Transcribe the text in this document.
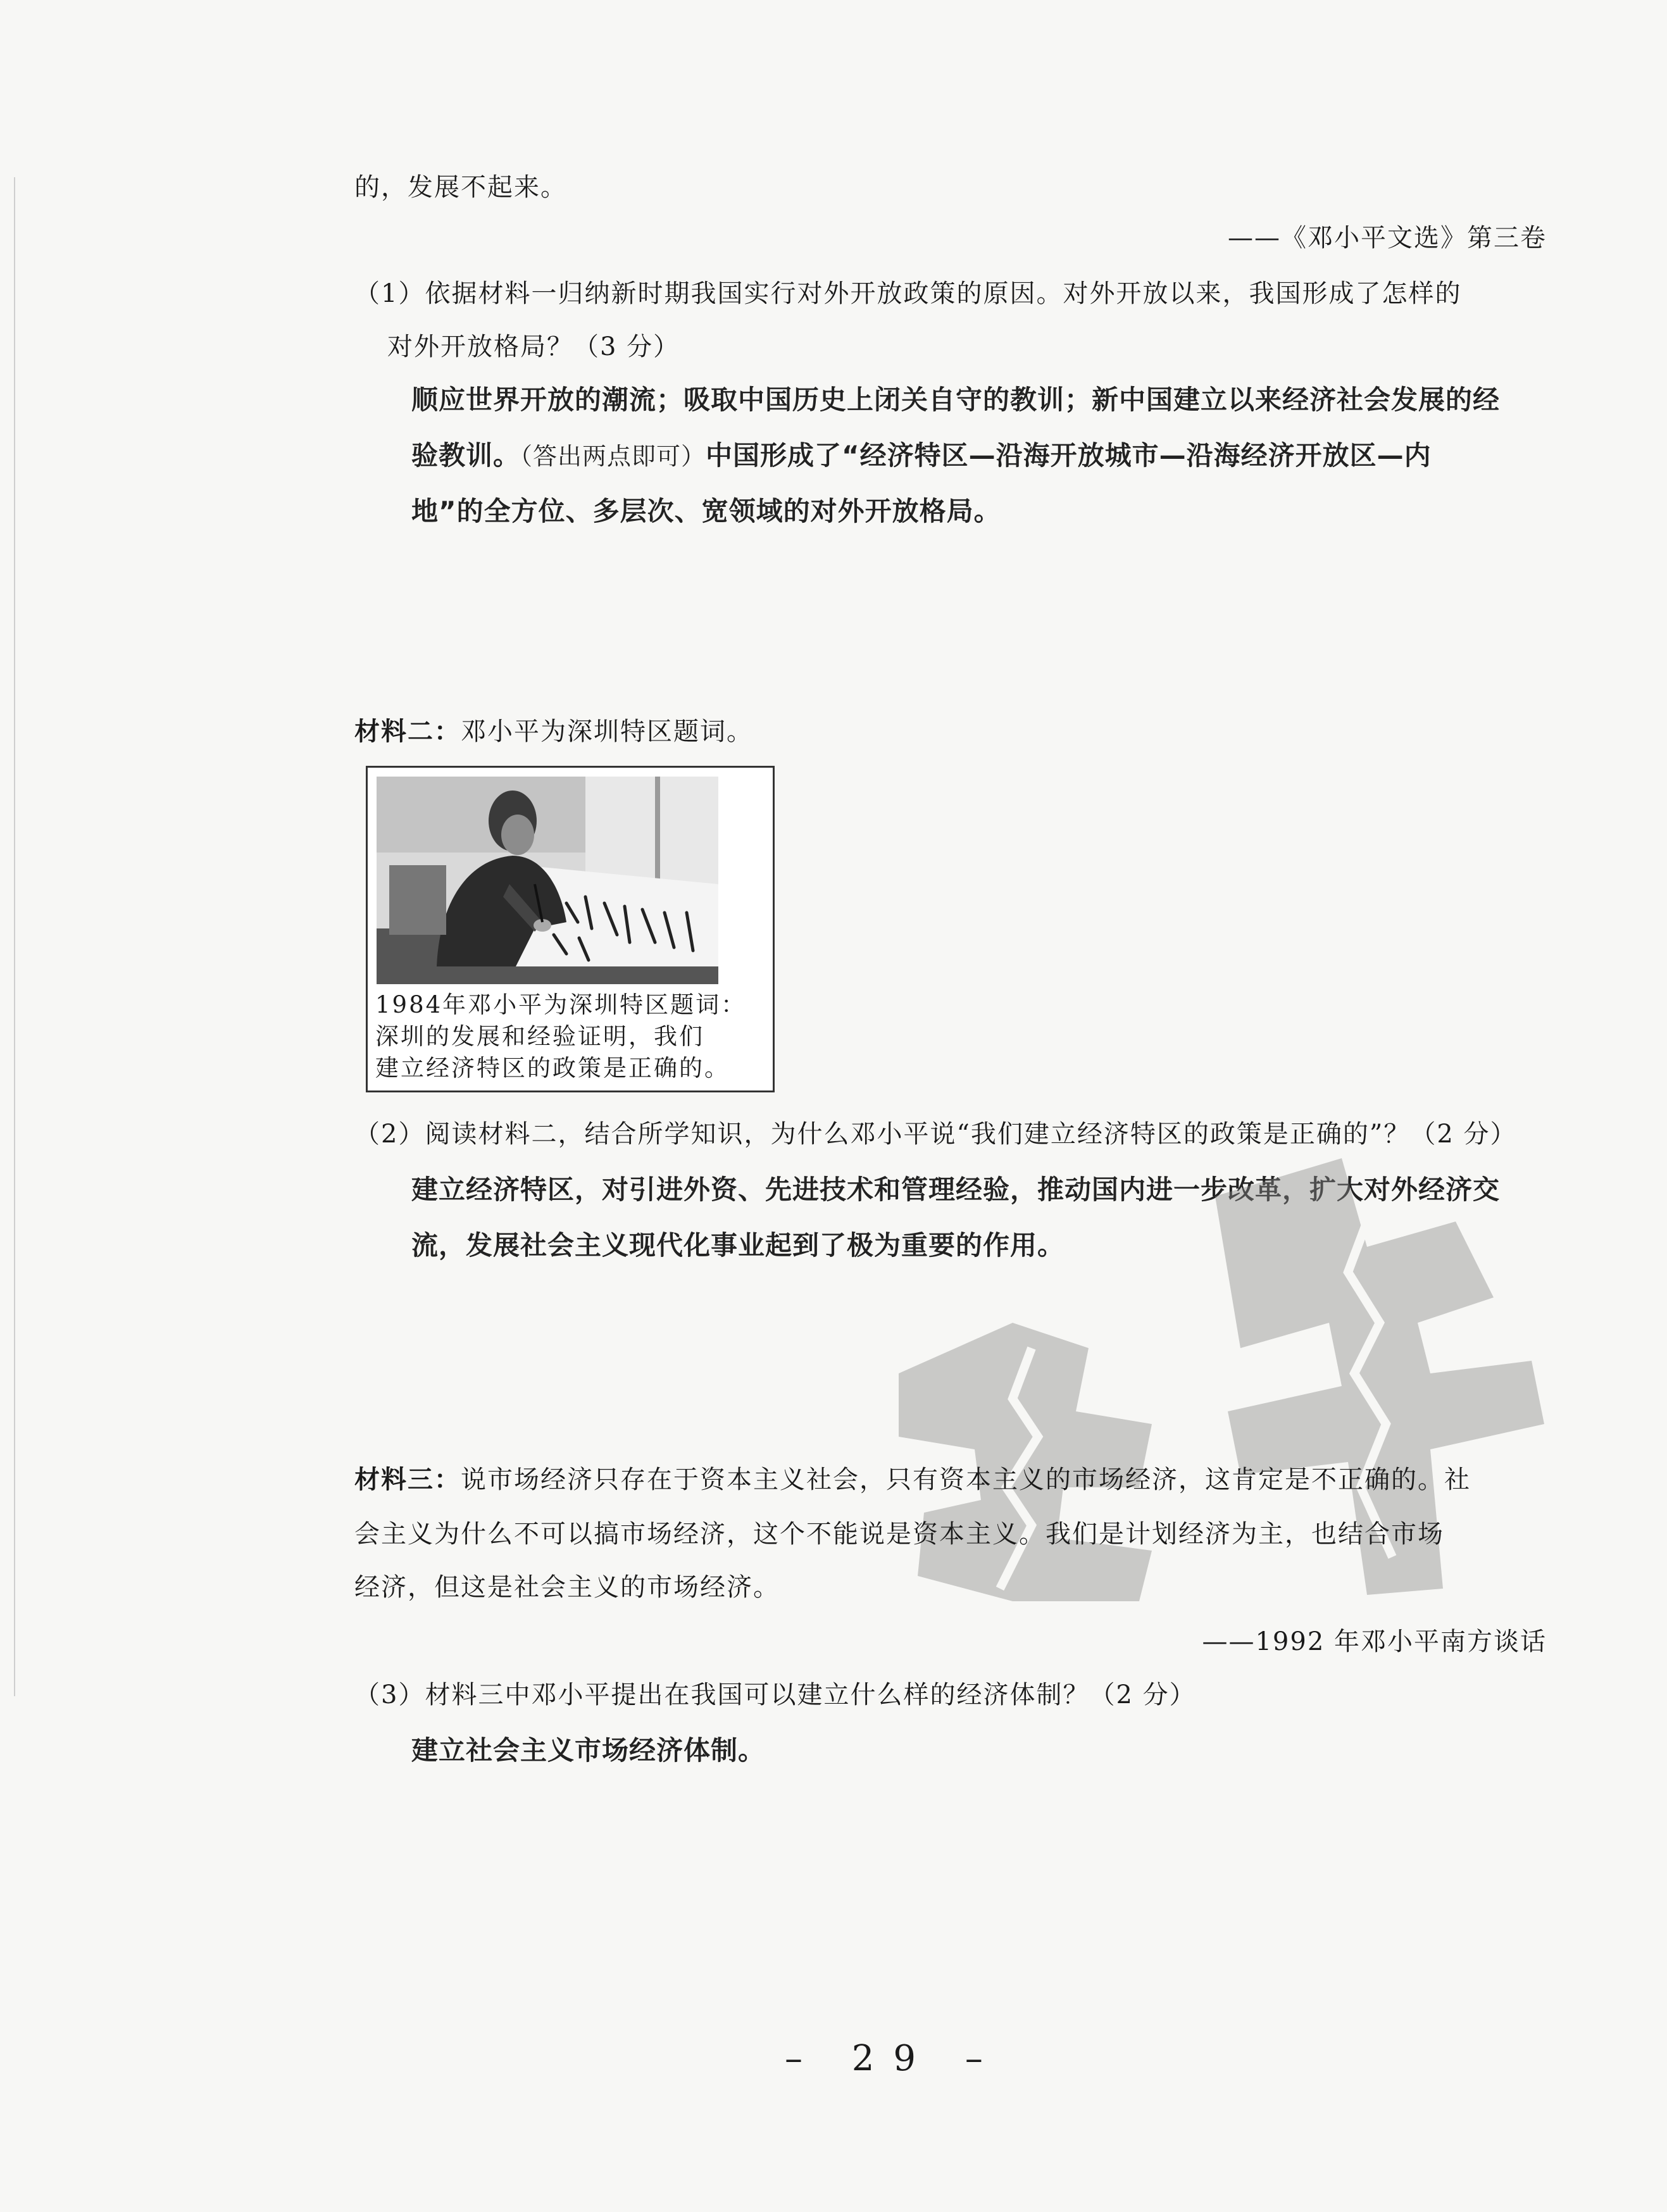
的，发展不起来。
——《邓小平文选》第三卷
（1）依据材料一归纳新时期我国实行对外开放政策的原因。对外开放以来，我国形成了怎样的
对外开放格局？（3 分）
顺应世界开放的潮流；吸取中国历史上闭关自守的教训；新中国建立以来经济社会发展的经
验教训。（答出两点即可）中国形成了“经济特区—沿海开放城市—沿海经济开放区—内
地”的全方位、多层次、宽领域的对外开放格局。
材料二：邓小平为深圳特区题词。
1984年邓小平为深圳特区题词：
深圳的发展和经验证明，我们
建立经济特区的政策是正确的。
（2）阅读材料二，结合所学知识，为什么邓小平说“我们建立经济特区的政策是正确的”？（2 分）
建立经济特区，对引进外资、先进技术和管理经验，推动国内进一步改革，扩大对外经济交
流，发展社会主义现代化事业起到了极为重要的作用。
材料三：说市场经济只存在于资本主义社会，只有资本主义的市场经济，这肯定是不正确的。社
会主义为什么不可以搞市场经济，这个不能说是资本主义。我们是计划经济为主，也结合市场
经济，但这是社会主义的市场经济。
——1992 年邓小平南方谈话
（3）材料三中邓小平提出在我国可以建立什么样的经济体制？（2 分）
建立社会主义市场经济体制。
– 29 –
